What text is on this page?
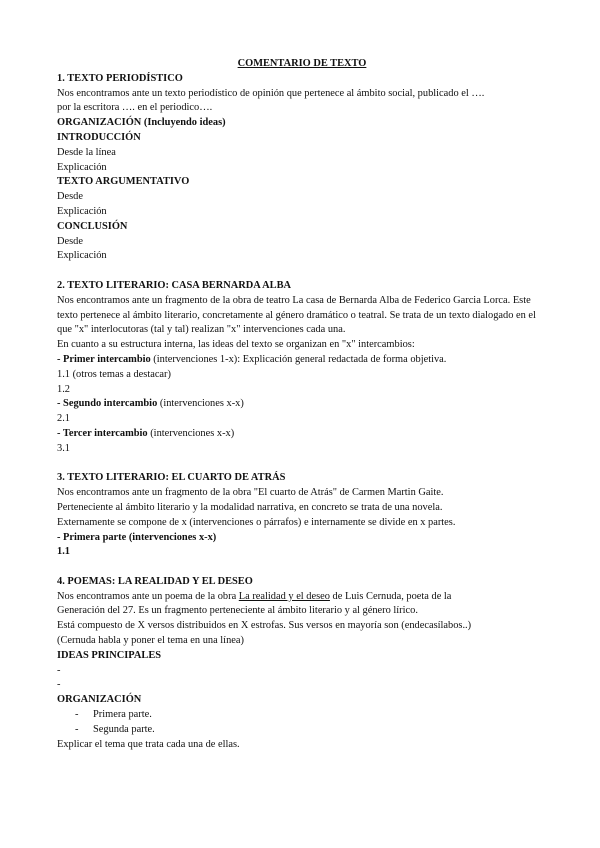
COMENTARIO DE TEXTO
1. TEXTO PERIODÍSTICO
Nos encontramos ante un texto periodístico de opinión que pertenece al ámbito social, publicado el ….
por la escritora …. en el periodico….
ORGANIZACIÓN (Incluyendo ideas)
INTRODUCCIÓN
Desde la línea
Explicación
TEXTO ARGUMENTATIVO
Desde
Explicación
CONCLUSIÓN
Desde
Explicación
2. TEXTO LITERARIO: CASA BERNARDA ALBA
Nos encontramos ante un fragmento de la obra de teatro La casa de Bernarda Alba de Federico Garcia Lorca. Este texto pertenece al ámbito literario, concretamente al género dramático o teatral. Se trata de un texto dialogado en el que "x" interlocutoras (tal y tal) realizan "x" intervenciones cada una.
En cuanto a su estructura interna, las ideas del texto se organizan en "x" intercambios:
- Primer intercambio (intervenciones 1-x): Explicación general redactada de forma objetiva.
1.1 (otros temas a destacar)
1.2
- Segundo intercambio (intervenciones x-x)
2.1
- Tercer intercambio (intervenciones x-x)
3.1
3. TEXTO LITERARIO: EL CUARTO DE ATRÁS
Nos encontramos ante un fragmento de la obra "El cuarto de Atrás" de Carmen Martin Gaite.
Perteneciente al ámbito literario y la modalidad narrativa, en concreto se trata de una novela.
Externamente se compone de x (intervenciones o párrafos) e internamente se divide en x partes.
- Primera parte (intervenciones x-x)
1.1
4. POEMAS: LA REALIDAD Y EL DESEO
Nos encontramos ante un poema de la obra La realidad y el deseo de Luis Cernuda, poeta de la
Generación del 27. Es un fragmento perteneciente al ámbito literario y al género lírico.
Está compuesto de X versos distribuidos en X estrofas. Sus versos en mayoría son (endecasílabos..)
(Cernuda habla y poner el tema en una línea)
IDEAS PRINCIPALES
-
-
ORGANIZACIÓN
- Primera parte.
- Segunda parte.
Explicar el tema que trata cada una de ellas.
